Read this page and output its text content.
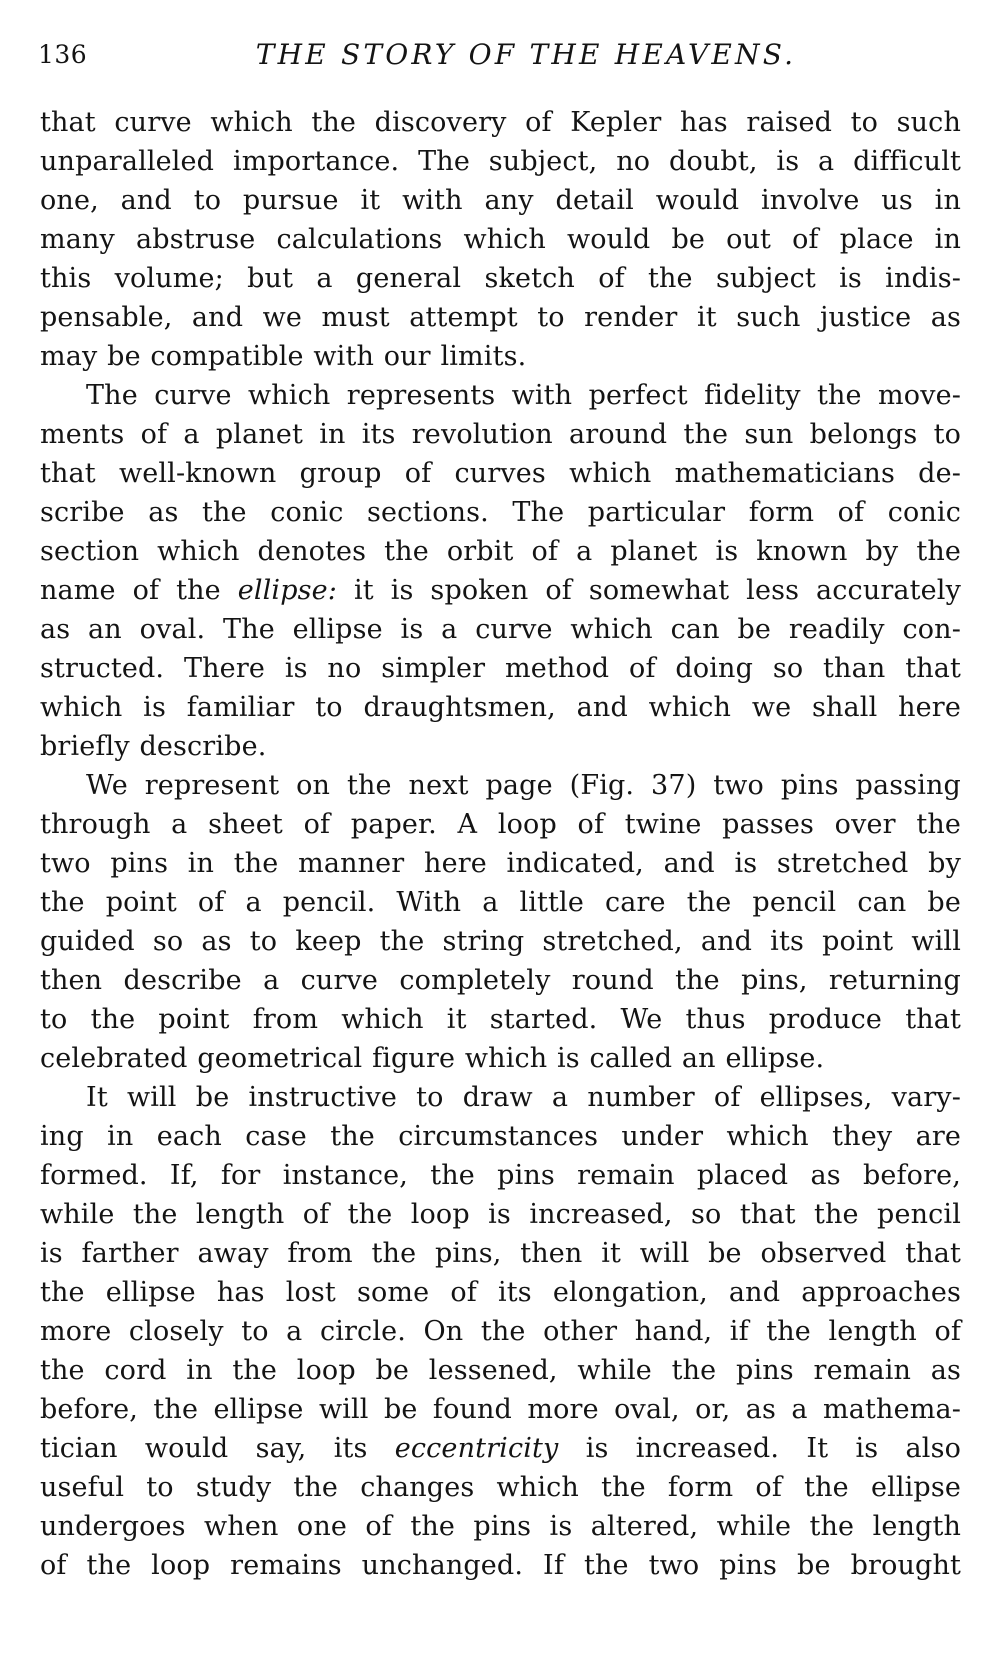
136	THE STORY OF THE HEAVENS.
that curve which the discovery of Kepler has raised to such
unparalleled importance. The subject, no doubt, is a difficult
one, and to pursue it with any detail would involve us in
many abstruse calculations which would be out of place in
this volume; but a general sketch of the subject is indis-
pensable, and we must attempt to render it such justice as
may be compatible with our limits.
The curve which represents with perfect fidelity the move-
ments of a planet in its revolution around the sun belongs to
that well-known group of curves which mathematicians de-
scribe as the conic sections. The particular form of conic
section which denotes the orbit of a planet is known by the
name of the ellipse: it is spoken of somewhat less accurately
as an oval. The ellipse is a curve which can be readily con-
structed. There is no simpler method of doing so than that
which is familiar to draughtsmen, and which we shall here
briefly describe.
We represent on the next page (Fig. 37) two pins passing
through a sheet of paper. A loop of twine passes over the
two pins in the manner here indicated, and is stretched by
the point of a pencil. With a little care the pencil can be
guided so as to keep the string stretched, and its point will
then describe a curve completely round the pins, returning
to the point from which it started. We thus produce that
celebrated geometrical figure which is called an ellipse.
It will be instructive to draw a number of ellipses, vary-
ing in each case the circumstances under which they are
formed. If, for instance, the pins remain placed as before,
while the length of the loop is increased, so that the pencil
is farther away from the pins, then it will be observed that
the ellipse has lost some of its elongation, and approaches
more closely to a circle. On the other hand, if the length of
the cord in the loop be lessened, while the pins remain as
before, the ellipse will be found more oval, or, as a mathema-
tician would say, its eccentricity is increased. It is also
useful to study the changes which the form of the ellipse
undergoes when one of the pins is altered, while the length
of the loop remains unchanged. If the two pins be brought
